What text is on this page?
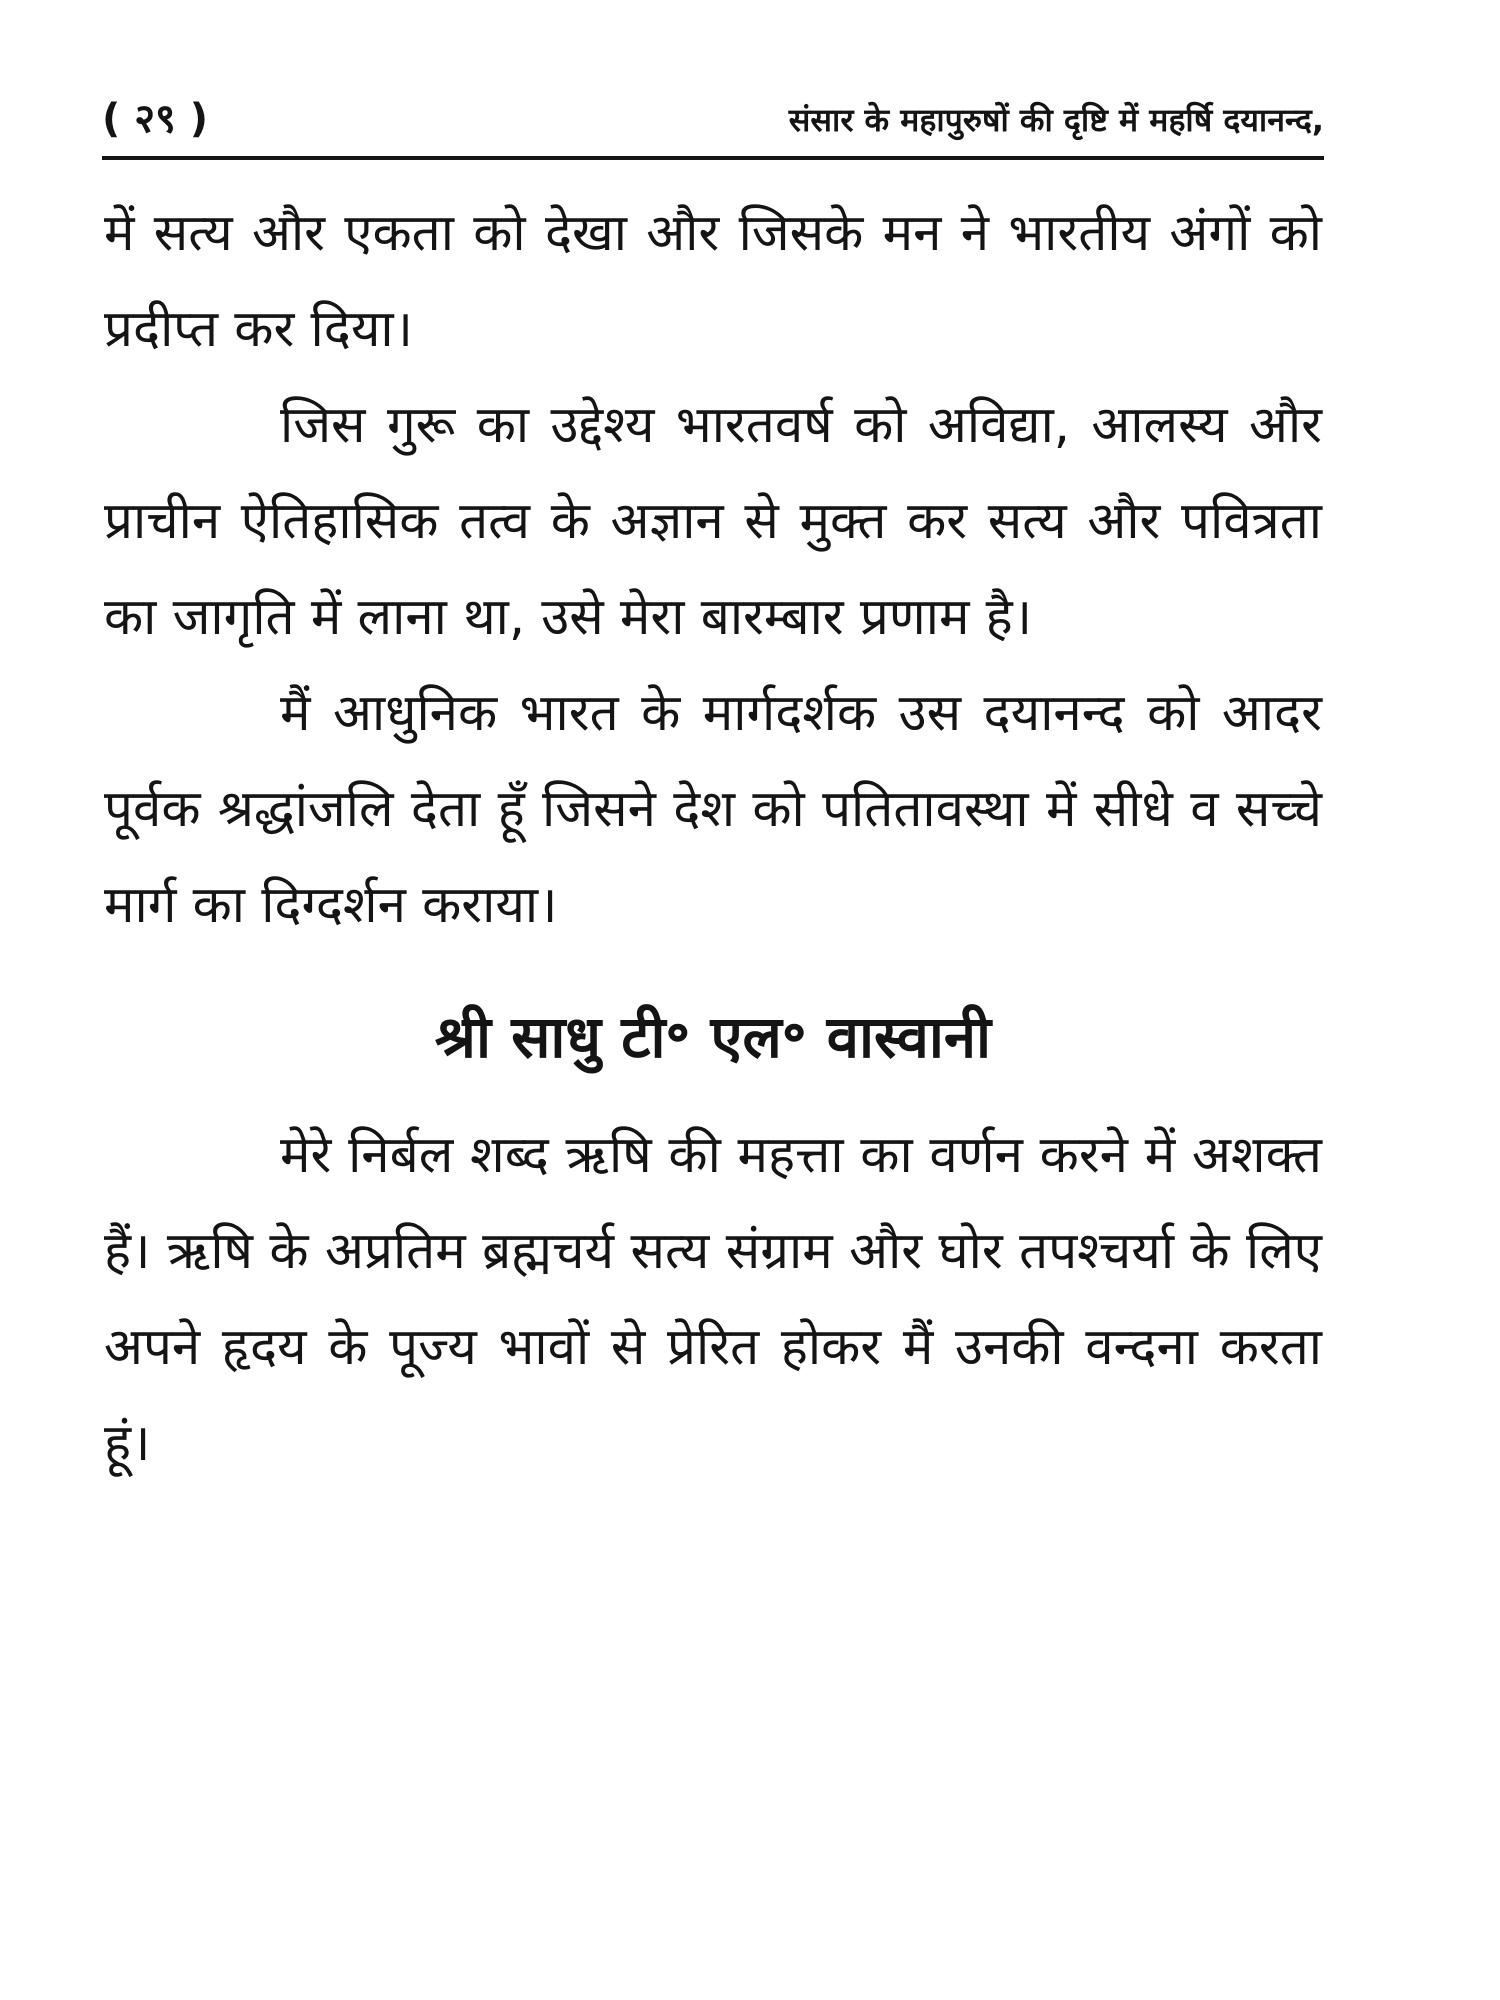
( २९ )	संसार के महापुरुषों की दृष्टि में महर्षि दयानन्द,

में सत्य और एकता को देखा और जिसके मन ने भारतीय अंगों को प्रदीप्त कर दिया।

जिस गुरू का उद्देश्य भारतवर्ष को अविद्या, आलस्य और प्राचीन ऐतिहासिक तत्व के अज्ञान से मुक्त कर सत्य और पवित्रता का जागृति में लाना था, उसे मेरा बारम्बार प्रणाम है।

मैं आधुनिक भारत के मार्गदर्शक उस दयानन्द को आदर पूर्वक श्रद्धांजलि देता हूँ जिसने देश को पतितावस्था में सीधे व सच्चे मार्ग का दिग्दर्शन कराया।

श्री साधु टी॰ एल॰ वास्वानी

मेरे निर्बल शब्द ऋषि की महत्ता का वर्णन करने में अशक्त हैं। ऋषि के अप्रतिम ब्रह्मचर्य सत्य संग्राम और घोर तपश्चर्या के लिए अपने हृदय के पूज्य भावों से प्रेरित होकर मैं उनकी वन्दना करता हूं।
